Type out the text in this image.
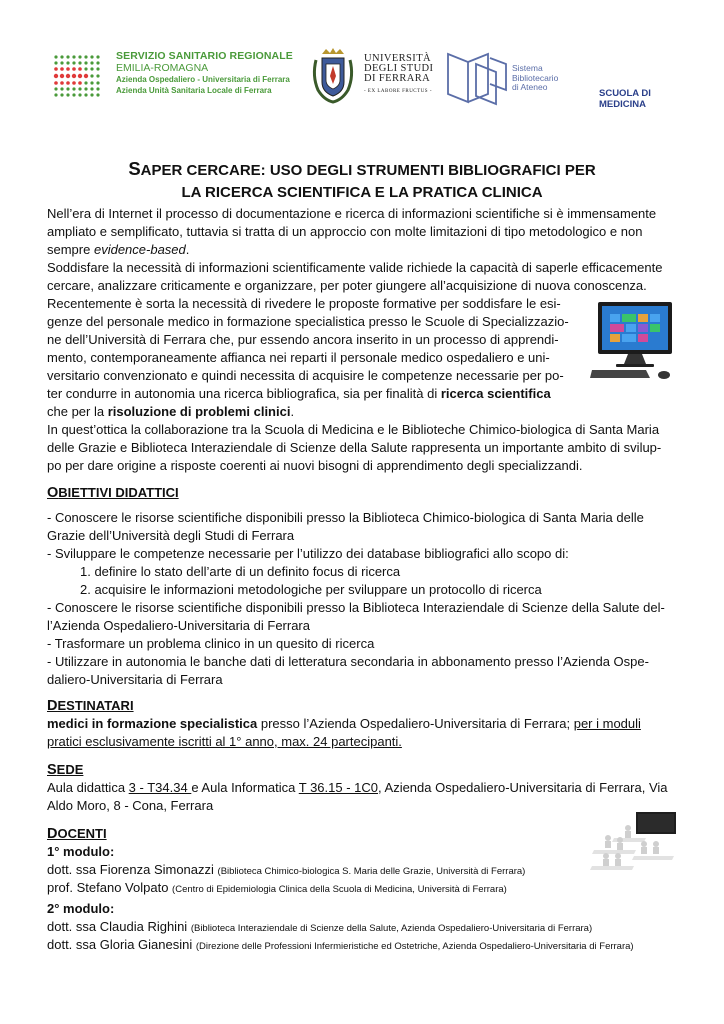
SERVIZIO SANITARIO REGIONALE
EMILIA-ROMAGNA
Azienda Ospedaliero - Universitaria di Ferrara
Azienda Unità Sanitaria Locale di Ferrara
UNIVERSITÀ
DEGLI STUDI
DI FERRARA
- EX LABORE FRUCTUS -
Sistema
Bibliotecario
di Ateneo
SCUOLA DI MEDICINA
SAPER CERCARE: USO DEGLI STRUMENTI BIBLIOGRAFICI PER
LA RICERCA SCIENTIFICA E LA PRATICA CLINICA
Nell’era di Internet il processo di documentazione e ricerca di informazioni scientifiche si è immensamente
ampliato e semplificato, tuttavia si tratta di un approccio con molte limitazioni di tipo metodologico e non
sempre evidence-based.
Soddisfare la necessità di informazioni scientificamente valide richiede la capacità di saperle efficacemente
cercare, analizzare criticamente e organizzare, per poter giungere all’acquisizione di nuova conoscenza.
Recentemente è sorta la necessità di rivedere le proposte formative per soddisfare le esi-
genze del personale medico in formazione specialistica presso le Scuole di Specializzazio-
ne dell’Università di Ferrara che, pur essendo ancora inserito in un processo di apprendi-
mento, contemporaneamente affianca nei reparti il personale medico ospedaliero e uni-
versitario convenzionato e quindi necessita di acquisire le competenze necessarie per po-
ter condurre in autonomia una ricerca bibliografica, sia per finalità di ricerca scientifica
che per la risoluzione di problemi clinici.
In quest’ottica la collaborazione tra la Scuola di Medicina e le Biblioteche Chimico-biologica di Santa Maria
delle Grazie e Biblioteca Interaziendale di Scienze della Salute rappresenta un importante ambito di svilup-
po per dare origine a risposte coerenti ai nuovi bisogni di apprendimento degli specializzandi.
OBIETTIVI DIDATTICI
- Conoscere le risorse scientifiche disponibili presso la Biblioteca Chimico-biologica di Santa Maria delle
Grazie dell’Università degli Studi di Ferrara
- Sviluppare le competenze necessarie per l’utilizzo dei database bibliografici allo scopo di:
1. definire lo stato dell’arte di un definito focus di ricerca
2. acquisire le informazioni metodologiche per sviluppare un protocollo di ricerca
- Conoscere le risorse scientifiche disponibili presso la Biblioteca Interaziendale di Scienze della Salute del-
l’Azienda Ospedaliero-Universitaria di Ferrara
- Trasformare un problema clinico in un quesito di ricerca
- Utilizzare in autonomia le banche dati di letteratura secondaria in abbonamento presso l’Azienda Ospe-
daliero-Universitaria di Ferrara
DESTINATARI
medici in formazione specialistica presso l’Azienda Ospedaliero-Universitaria di Ferrara; per i moduli
pratici esclusivamente iscritti al 1° anno, max. 24 partecipanti.
SEDE
Aula didattica 3 - T34.34 e Aula Informatica T 36.15 - 1C0, Azienda Ospedaliero-Universitaria di Ferrara, Via
Aldo Moro, 8 - Cona, Ferrara
DOCENTI
1° modulo:
dott. ssa Fiorenza Simonazzi (Biblioteca Chimico-biologica S. Maria delle Grazie, Università di Ferrara)
prof. Stefano Volpato (Centro di Epidemiologia Clinica della Scuola di Medicina, Università di Ferrara)
2° modulo:
dott. ssa Claudia Righini (Biblioteca Interaziendale di Scienze della Salute, Azienda Ospedaliero-Universitaria di Ferrara)
dott. ssa Gloria Gianesini (Direzione delle Professioni Infermieristiche ed Ostetriche, Azienda Ospedaliero-Universitaria di Ferrara)
